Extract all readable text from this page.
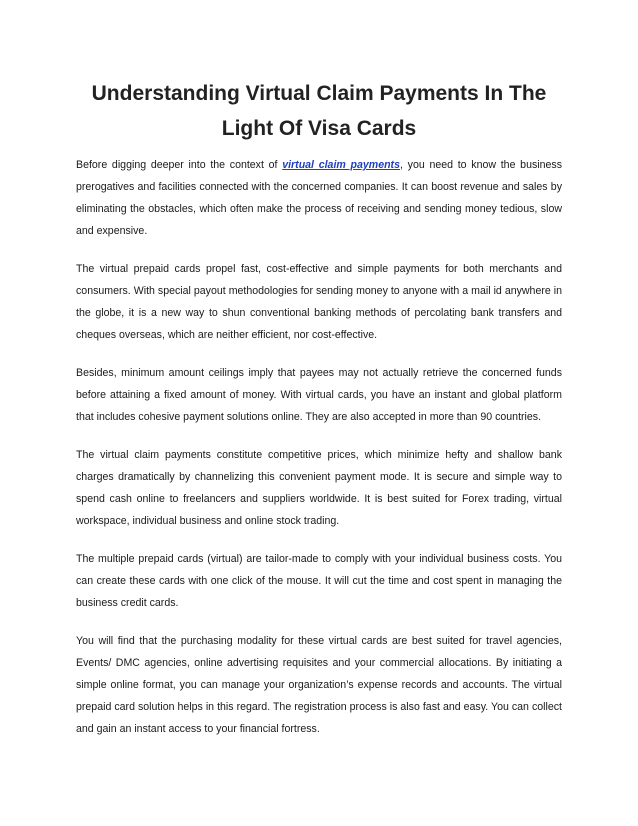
Understanding Virtual Claim Payments In The
Light Of Visa Cards

Before digging deeper into the context of virtual claim payments, you need to know the business prerogatives and facilities connected with the concerned companies. It can boost revenue and sales by eliminating the obstacles, which often make the process of receiving and sending money tedious, slow and expensive.

The virtual prepaid cards propel fast, cost-effective and simple payments for both merchants and consumers. With special payout methodologies for sending money to anyone with a mail id anywhere in the globe, it is a new way to shun conventional banking methods of percolating bank transfers and cheques overseas, which are neither efficient, nor cost-effective.

Besides, minimum amount ceilings imply that payees may not actually retrieve the concerned funds before attaining a fixed amount of money. With virtual cards, you have an instant and global platform that includes cohesive payment solutions online. They are also accepted in more than 90 countries.

The virtual claim payments constitute competitive prices, which minimize hefty and shallow bank charges dramatically by channelizing this convenient payment mode. It is secure and simple way to spend cash online to freelancers and suppliers worldwide. It is best suited for Forex trading, virtual workspace, individual business and online stock trading.

The multiple prepaid cards (virtual) are tailor-made to comply with your individual business costs. You can create these cards with one click of the mouse. It will cut the time and cost spent in managing the business credit cards.

You will find that the purchasing modality for these virtual cards are best suited for travel agencies, Events/ DMC agencies, online advertising requisites and your commercial allocations. By initiating a simple online format, you can manage your organization’s expense records and accounts. The virtual prepaid card solution helps in this regard. The registration process is also fast and easy. You can collect and gain an instant access to your financial fortress.
